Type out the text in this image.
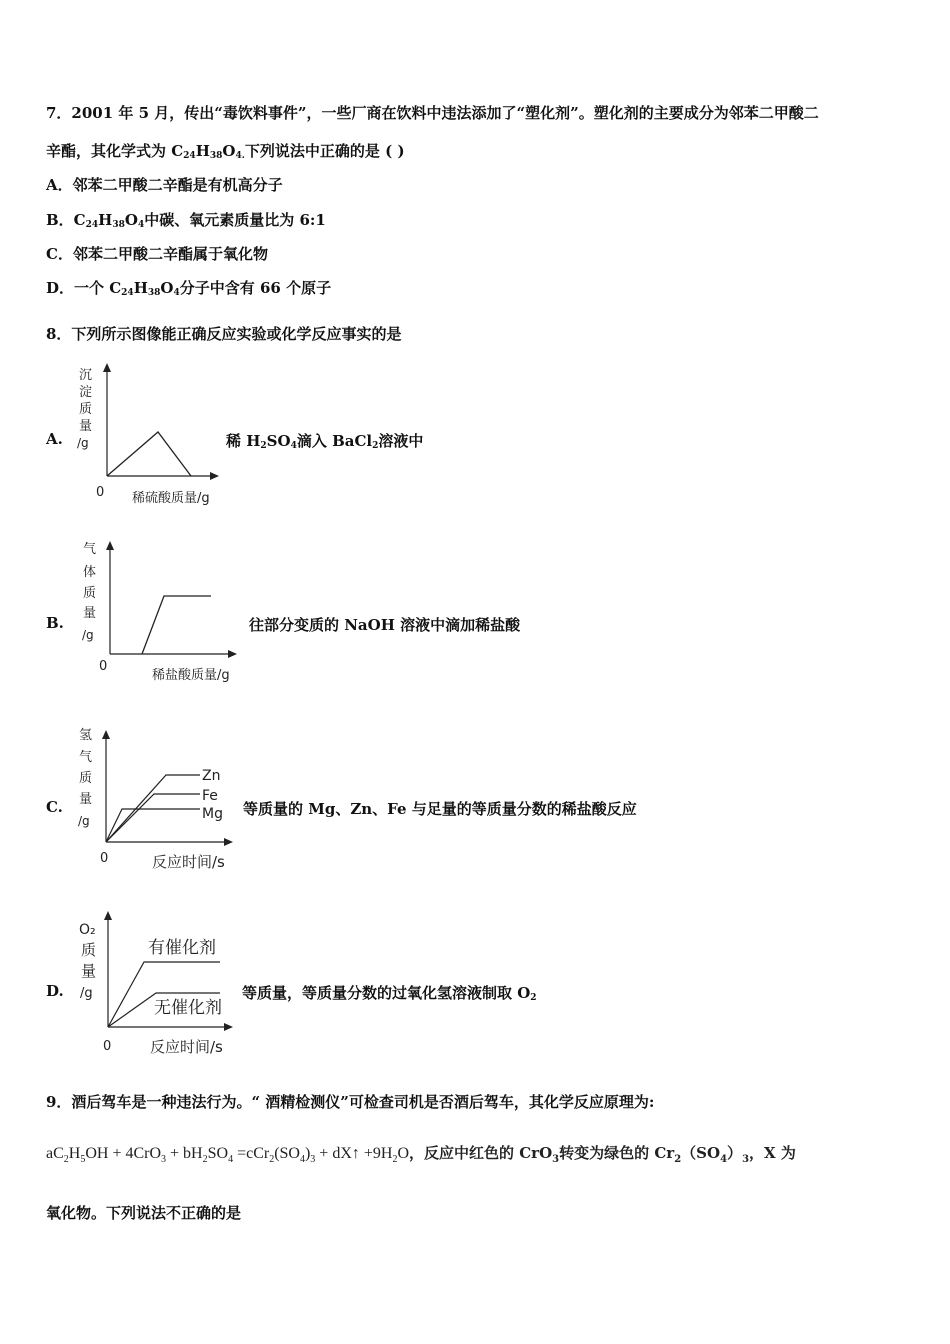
7．2001 年 5 月，传出“毒饮料事件”，一些厂商在饮料中违法添加了“塑化剂”。塑化剂的主要成分为邻苯二甲酸二
辛酯，其化学式为 $C_{24}H_{38}O_{4.}$下列说法中正确的是 ( )
A．邻苯二甲酸二辛酯是有机高分子
B．$C_{24}H_{38}O_4$中碳、氧元素质量比为 6:1
C．邻苯二甲酸二辛酯属于氧化物
D．一个 $C_{24}H_{38}O_4$分子中含有 66 个原子
8．下列所示图像能正确反应实验或化学反应事实的是
A.
沉
淀
质
量
/g
0 稀硫酸质量/g
稀 $H_2SO_4$滴入 BaCl$_2$溶液中
B.
气
体
质
量
/g
0
稀盐酸质量/g
往部分变质的 NaOH 溶液中滴加稀盐酸
C.
氢
气
质
量
/g
Zn
Fe
Mg
0	反应时间/s
等质量的 Mg、Zn、Fe 与足量的等质量分数的稀盐酸反应
D.
O₂
质
量
/g
有催化剂
无催化剂
0	反应时间/s
等质量，等质量分数的过氧化氢溶液制取 $O_2$
9．酒后驾车是一种违法行为。“ 酒精检测仪”可检查司机是否酒后驾车，其化学反应原理为:
$aC_2H_5OH + 4CrO_3 + bH_2SO_4 =cCr_2(SO_4)_3$ + dX↑ $+9H_2O$，反应中红色的 CrO$_3$转变为绿色的 $Cr_2(SO_4)_3$，X 为
氧化物。下列说法不正确的是
